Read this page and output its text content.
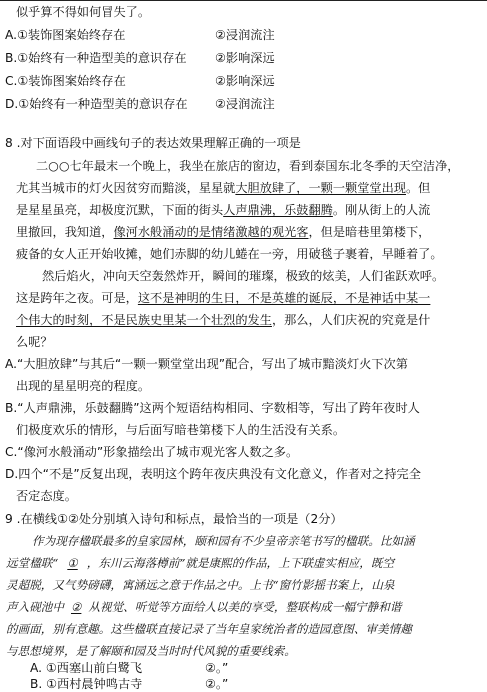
似乎算不得如何冒失了。
A.①装饰图案始终存在	②浸润流注
B.①始终有一种造型美的意识存在 ②影响深远
C.①装饰图案始终存在	②影响深远
D.①始终有一种造型美的意识存在 ②浸润流注
8 .对下面语段中画线句子的表达效果理解正确的一项是
二○○七年最末一个晚上，我坐在旅店的窗边，看到泰国东北冬季的天空洁净，
尤其当城市的灯火因贫穷而黯淡，星星就大胆放肆了，一颗一颗堂堂出现。但
是星星虽亮，却极度沉默，下面的街头人声鼎沸，乐鼓翻腾。刚从街上的人流
里撤回，我知道，像河水般涌动的是情绪激越的观光客，但是暗巷里第楼下，
疲备的女人正开始收摊，她们赤脚的幼儿蜷在一旁，用破毯子裹着，早睡着了。
然后焰火，冲向天空轰然炸开，瞬间的璀璨，极致的炫美，人们雀跃欢呼。
这是跨年之夜。可是，这不是神明的生日，不是英雄的诞辰，不是神话中某一
个伟大的时刻，不是民族史里某一个壮烈的发生，那么，人们庆祝的究竟是什
么呢？
A.“大胆放肆”与其后“一颗一颗堂堂出现”配合，写出了城市黯淡灯火下次第
出现的星星明亮的程度。
B.“人声鼎沸，乐鼓翻腾”这两个短语结构相同、字数相等，写出了跨年夜时人
们极度欢乐的情形，与后面写暗巷第楼下人的生活没有关系。
C.“像河水般涌动”形象描绘出了城市观光客人数之多。
D.四个“不是”反复出现，表明这个跨年夜庆典没有文化意义，作者对之持完全
否定态度。
9 .在横线①②处分别填入诗句和标点，最恰当的一项是（2分）
作为现存楹联最多的皇家园林，颐和园有不少皇帝亲笔书写的楹联。比如涵
远堂楹联“ ① ，东川云海落樽前”就是康熙的作品，上下联虚实相应，既空
灵超脱，又气势磅礴，寓涵远之意于作品之中。上书“窗竹影摇书案上，山泉
声入砚池中 ② 从视觉、听觉等方面给人以美的享受，整联构成一幅宁静和谐
的画面，别有意趣。这些楹联直接记录了当年皇家统治者的造园意图、审美情趣
与思想境界，是了解颐和园及当时时代风貌的重要线索。
A. ①西塞山前白鹭飞	②。”
B. ①西村晨钟鸣古寺	②。”
